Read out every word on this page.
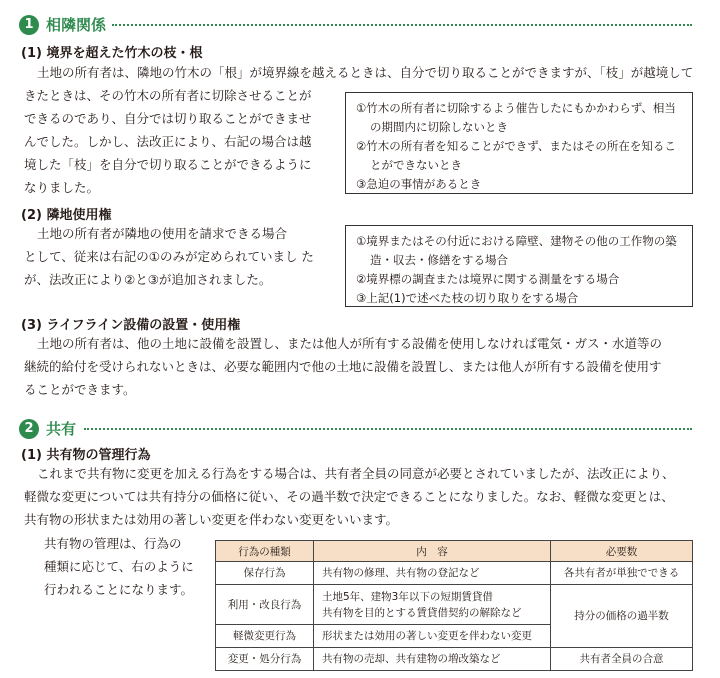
1 相隣関係
(1) 境界を超えた竹木の枝・根
土地の所有者は、隣地の竹木の「根」が境界線を越えるときは、自分で切り取ることができますが、「枝」が越境して
きたときは、その竹木の所有者に切除させることが
できるのであり、自分では切り取ることができませ
んでした。しかし、法改正により、右記の場合は越
境した「枝」を自分で切り取ることができるように
なりました。
①竹木の所有者に切除するよう催告したにもかかわらず、相当の期間内に切除しないとき
②竹木の所有者を知ることができず、またはその所在を知ることができないとき
③急迫の事情があるとき
(2) 隣地使用権
土地の所有者が隣地の使用を請求できる場合
として、従来は右記の①のみが定められていまし た
が、法改正により②と③が追加されました。
①境界またはその付近における障壁、建物その他の工作物の築造・収去・修繕をする場合
②境界標の調査または境界に関する測量をする場合
③上記(1)で述べた枝の切り取りをする場合
(3) ライフライン設備の設置・使用権
土地の所有者は、他の土地に設備を設置し、または他人が所有する設備を使用しなければ電気・ガス・水道等の
継続的給付を受けられないときは、必要な範囲内で他の土地に設備を設置し、または他人が所有する設備を使用す
ることができます。
2 共有
(1) 共有物の管理行為
これまで共有物に変更を加える行為をする場合は、共有者全員の同意が必要とされていましたが、法改正により、
軽微な変更については共有持分の価格に従い、その過半数で決定できることになりました。なお、軽微な変更とは、
共有物の形状または効用の著しい変更を伴わない変更をいいます。
共有物の管理は、行為の
種類に応じて、右のように
行われることになります。
行為の種類	内　容	必要数
保存行為	共有物の修理、共有物の登記など	各共有者が単独でできる
利用・改良行為	土地5年、建物3年以下の短期賃貸借
共有物を目的とする賃貸借契約の解除など	持分の価格の過半数
軽微変更行為	形状または効用の著しい変更を伴わない変更	
変更・処分行為	共有物の売却、共有建物の増改築など	共有者全員の合意
